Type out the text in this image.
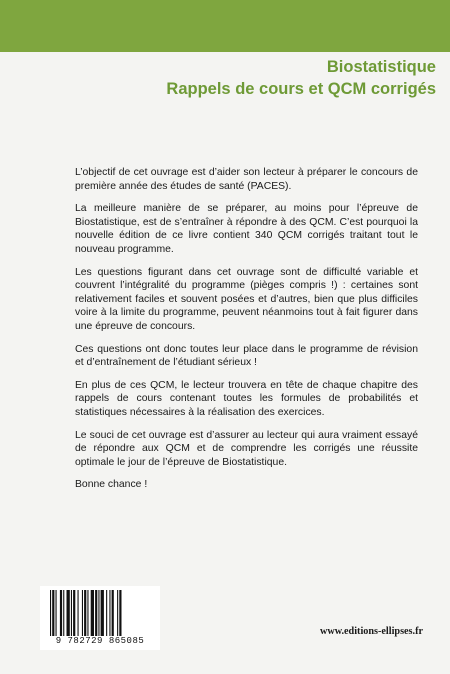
Biostatistique
Rappels de cours et QCM corrigés

L’objectif de cet ouvrage est d’aider son lecteur à préparer le concours de première année des études de santé (PACES).

La meilleure manière de se préparer, au moins pour l’épreuve de Biostatistique, est de s’entraîner à répondre à des QCM. C’est pourquoi la nouvelle édition de ce livre contient 340 QCM corrigés traitant tout le nouveau programme.

Les questions figurant dans cet ouvrage sont de difficulté variable et couvrent l’intégralité du programme (pièges compris !) : certaines sont relativement faciles et souvent posées et d’autres, bien que plus difficiles voire à la limite du programme, peuvent néanmoins tout à fait figurer dans une épreuve de concours.

Ces questions ont donc toutes leur place dans le programme de révision et d’entraînement de l’étudiant sérieux !

En plus de ces QCM, le lecteur trouvera en tête de chaque chapitre des rappels de cours contenant toutes les formules de probabilités et statistiques nécessaires à la réalisation des exercices.

Le souci de cet ouvrage est d’assurer au lecteur qui aura vraiment essayé de répondre aux QCM et de comprendre les corrigés une réussite optimale le jour de l’épreuve de Biostatistique.

Bonne chance !

9 782729 865085
www.editions-ellipses.fr
